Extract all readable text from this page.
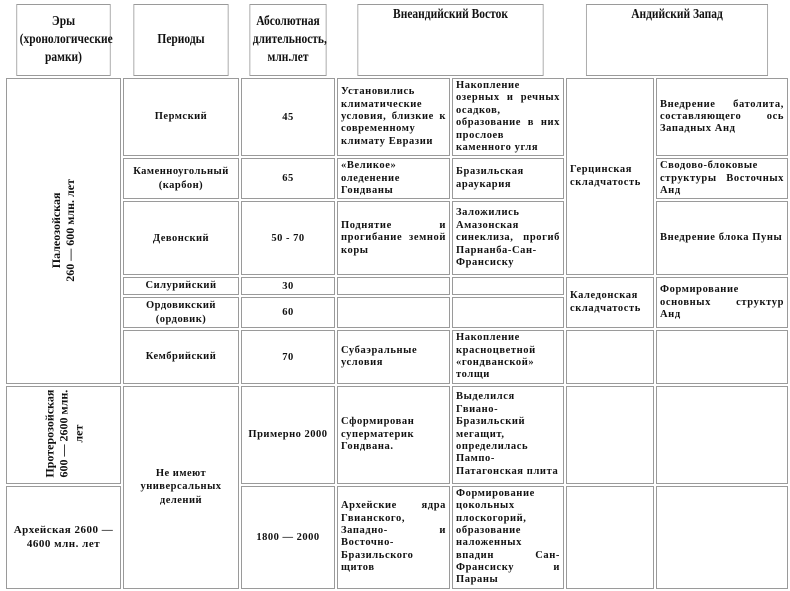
Эры (хронологические рамки)	Периоды	Абсолютная длительность, млн.лет	Внеандийский Восток		Андийский Запад	

Палеозойская 260 — 600 млн. лет	Пермский	45	Установились климатические условия, близкие к современному климату Евразии	Накопление озерных и речных осадков, образование в них прослоев каменного угля	Герцинская складчатость	Внедрение батолита, составляющего ось Западных Анд
	Каменноугольный (карбон)	65	«Великое» оледенение Гондваны	Бразильская араукария		Сводово-блоковые структуры Восточных Анд
	Девонский	50 - 70	Поднятие и прогибание земной коры	Заложились Амазонская синеклиза, прогиб Парнанба-Сан-Франсиску		Внедрение блока Пуны
	Силурийский	30			Каледонская складчатость	Формирование основных структур Анд
	Ордовикский (ордовик)	60				
	Кембрийский	70	Субаэральные условия	Накопление красноцветной «гондванской» толщи		

Протерозойская 600 — 2600 млн. лет	Не имеют универсальных делений	Примерно 2000	Сформирован суперматерик Гондвана.	Выделился Гвиано-Бразильский мегащит, определилась Пампо-Патагонская плита		
Архейская 2600 — 4600 млн. лет		1800 — 2000	Архейские ядра Гвианского, Западно- и Восточно-Бразильского щитов	Формирование цокольных плоскогорий, образование наложенных впадин Сан-Франсиску и Параны		
